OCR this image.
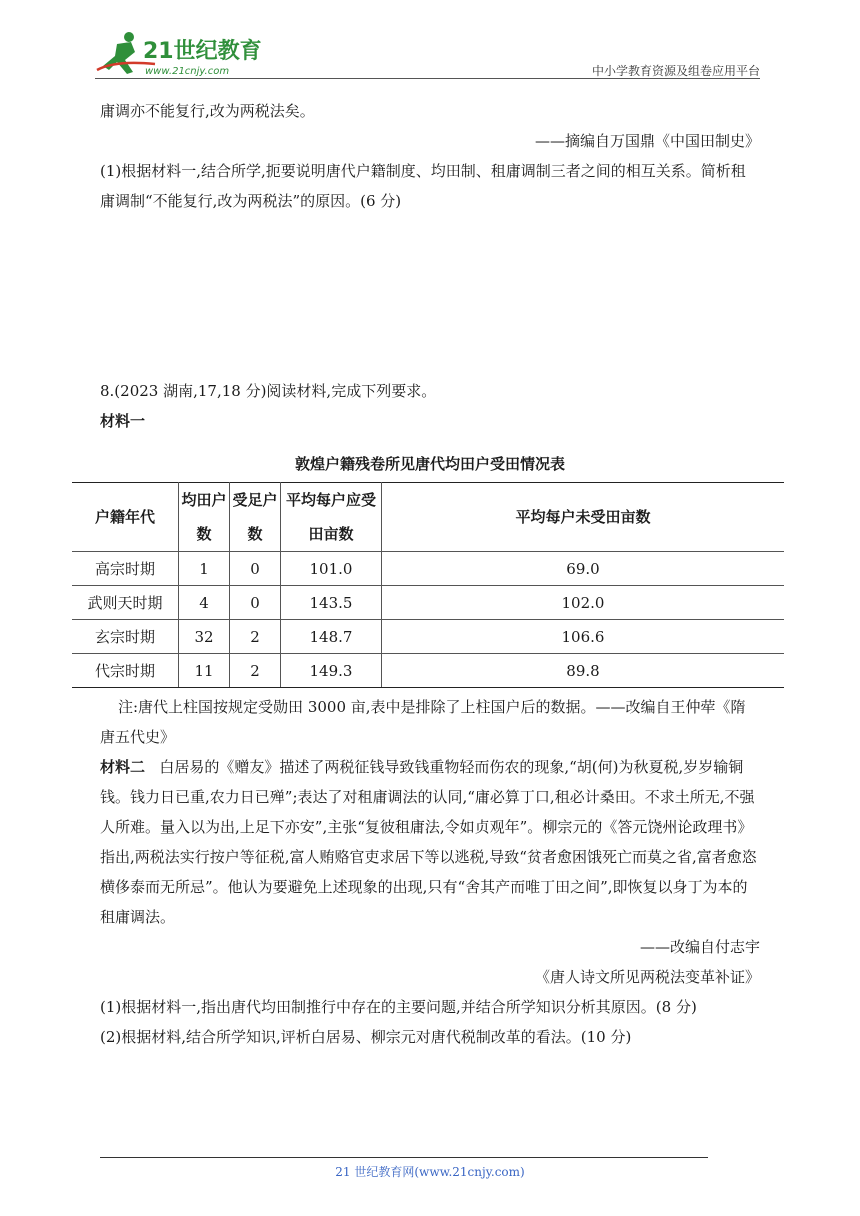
21世纪教育
www.21cnjy.com	中小学教育资源及组卷应用平台

庸调亦不能复行,改为两税法矣。

——摘编自万国鼎《中国田制史》

(1)根据材料一,结合所学,扼要说明唐代户籍制度、均田制、租庸调制三者之间的相互关系。简析租庸调制“不能复行,改为两税法”的原因。(6 分)

8.(2023 湖南,17,18 分)阅读材料,完成下列要求。

材料一

敦煌户籍残卷所见唐代均田户受田情况表
户籍年代	均田户数	受足户数	平均每户应受田亩数	平均每户未受田亩数
高宗时期	1	0	101.0	69.0
武则天时期	4	0	143.5	102.0
玄宗时期	32	2	148.7	106.6
代宗时期	11	2	149.3	89.8

注:唐代上柱国按规定受勋田 3000 亩,表中是排除了上柱国户后的数据。——改编自王仲荦《隋唐五代史》

材料二 白居易的《赠友》描述了两税征钱导致钱重物轻而伤农的现象,“胡(何)为秋夏税,岁岁输铜钱。钱力日已重,农力日已殚”;表达了对租庸调法的认同,“庸必算丁口,租必计桑田。不求土所无,不强人所难。量入以为出,上足下亦安”,主张“复彼租庸法,令如贞观年”。柳宗元的《答元饶州论政理书》指出,两税法实行按户等征税,富人贿赂官吏求居下等以逃税,导致“贫者愈困饿死亡而莫之省,富者愈恣横侈泰而无所忌”。他认为要避免上述现象的出现,只有“舍其产而唯丁田之间”,即恢复以身丁为本的租庸调法。

——改编自付志宇

《唐人诗文所见两税法变革补证》

(1)根据材料一,指出唐代均田制推行中存在的主要问题,并结合所学知识分析其原因。(8 分)

(2)根据材料,结合所学知识,评析白居易、柳宗元对唐代税制改革的看法。(10 分)

21 世纪教育网(www.21cnjy.com)
